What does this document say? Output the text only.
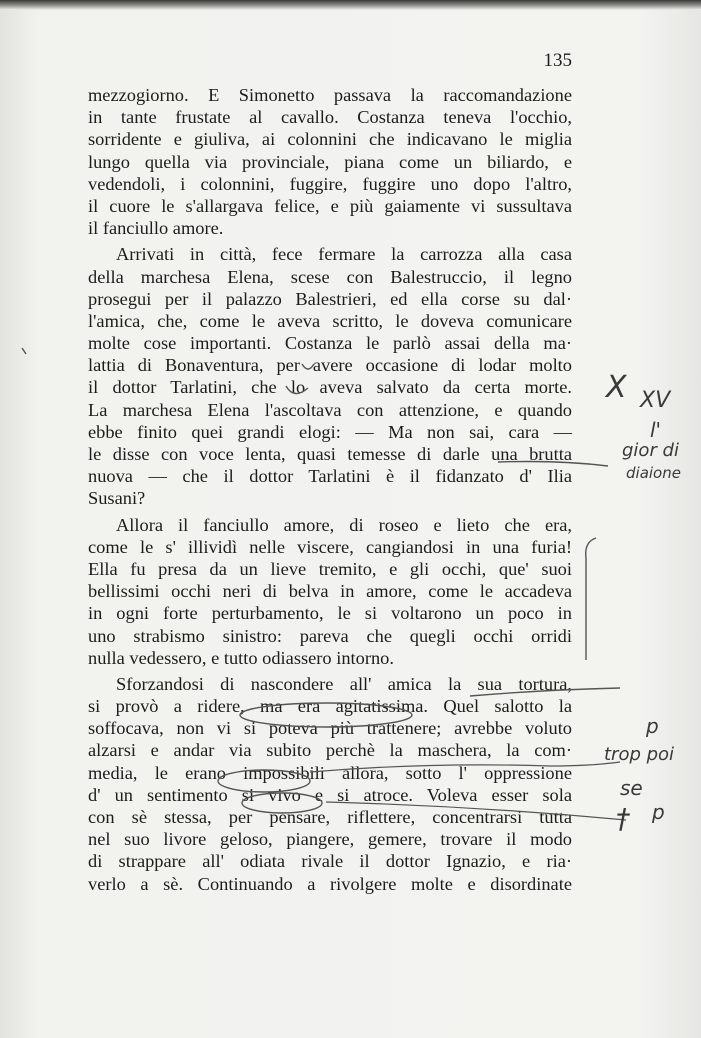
135
mezzogiorno. E Simonetto passava la raccomandazione
in tante frustate al cavallo. Costanza teneva l'occhio,
sorridente e giuliva, ai colonnini che indicavano le miglia
lungo quella via provinciale, piana come un biliardo, e
vedendoli, i colonnini, fuggire, fuggire uno dopo l'altro,
il cuore le s'allargava felice, e più gaiamente vi sussultava
il fanciullo amore.
Arrivati in città, fece fermare la carrozza alla casa
della marchesa Elena, scese con Balestruccio, il legno
prosegui per il palazzo Balestrieri, ed ella corse su dal·
l'amica, che, come le aveva scritto, le doveva comunicare
molte cose importanti. Costanza le parlò assai della ma·
lattia di Bonaventura, per avere occasione di lodar molto
il dottor Tarlatini, che lo aveva salvato da certa morte.
La marchesa Elena l'ascoltava con attenzione, e quando
ebbe finito quei grandi elogi: — Ma non sai, cara —
le disse con voce lenta, quasi temesse di darle una brutta
nuova — che il dottor Tarlatini è il fidanzato d' Ilia
Susani?
Allora il fanciullo amore, di roseo e lieto che era,
come le s' illividì nelle viscere, cangiandosi in una furia!
Ella fu presa da un lieve tremito, e gli occhi, que' suoi
bellissimi occhi neri di belva in amore, come le accadeva
in ogni forte perturbamento, le si voltarono un poco in
uno strabismo sinistro: pareva che quegli occhi orridi
nulla vedessero, e tutto odiassero intorno.
Sforzandosi di nascondere all' amica la sua tortura,
si provò a ridere, ma era agitatissima. Quel salotto la
soffocava, non vi si poteva più trattenere; avrebbe voluto
alzarsi e andar via subito perchè la maschera, la com·
media, le erano impossibili allora, sotto l' oppressione
d' un sentimento si vivo e si atroce. Voleva esser sola
con sè stessa, per pensare, riflettere, concentrarsi tutta
nel suo livore geloso, piangere, gemere, trovare il modo
di strappare all' odiata rivale il dottor Ignazio, e ria·
verlo a sè. Continuando a rivolgere molte e disordinate
X XV
l'
gior di
diaione
p
trop poi
se
p
†
